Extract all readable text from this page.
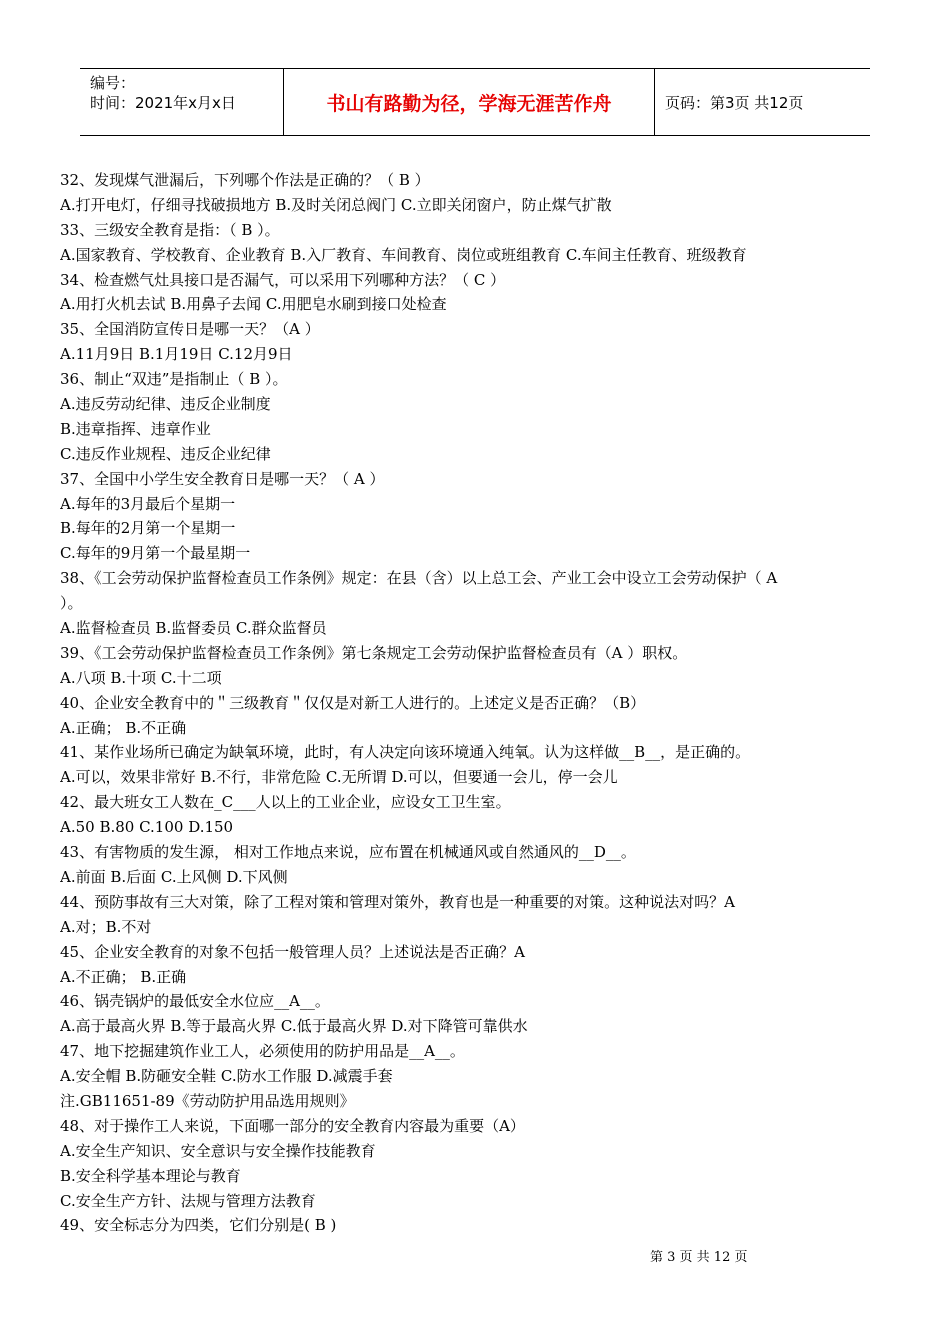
编号：
时间：2021年x月x日	书山有路勤为径，学海无涯苦作舟	页码：第3页 共12页
32、发现煤气泄漏后，下列哪个作法是正确的？（ B ）
A.打开电灯，仔细寻找破损地方 B.及时关闭总阀门 C.立即关闭窗户，防止煤气扩散
33、三级安全教育是指：（ B ）。
A.国家教育、学校教育、企业教育 B.入厂教育、车间教育、岗位或班组教育 C.车间主任教育、班级教育
34、检查燃气灶具接口是否漏气，可以采用下列哪种方法？（ C ）
A.用打火机去试 B.用鼻子去闻 C.用肥皂水刷到接口处检查
35、全国消防宣传日是哪一天？（A ）
A.11月9日 B.1月19日 C.12月9日
36、制止“双违”是指制止（ B ）。
A.违反劳动纪律、违反企业制度
B.违章指挥、违章作业
C.违反作业规程、违反企业纪律
37、全国中小学生安全教育日是哪一天？（ A ）
A.每年的3月最后个星期一
B.每年的2月第一个星期一
C.每年的9月第一个最星期一
38、《工会劳动保护监督检查员工作条例》规定：在县（含）以上总工会、产业工会中设立工会劳动保护（ A
）。
A.监督检查员 B.监督委员 C.群众监督员
39、《工会劳动保护监督检查员工作条例》第七条规定工会劳动保护监督检查员有（A ）职权。
A.八项 B.十项 C.十二项
40、企业安全教育中的＂三级教育＂仅仅是对新工人进行的。上述定义是否正确？（B）
A.正确； B.不正确
41、某作业场所已确定为缺氧环境，此时，有人决定向该环境通入纯氧。认为这样做__B__，是正确的。
A.可以，效果非常好 B.不行，非常危险 C.无所谓 D.可以，但要通一会儿，停一会儿
42、最大班女工人数在_C___人以上的工业企业，应设女工卫生室。
A.50 B.80 C.100 D.150
43、有害物质的发生源， 相对工作地点来说，应布置在机械通风或自然通风的__D__。
A.前面 B.后面 C.上风侧 D.下风侧
44、预防事故有三大对策，除了工程对策和管理对策外，教育也是一种重要的对策。这种说法对吗？A
A.对；B.不对
45、企业安全教育的对象不包括一般管理人员？上述说法是否正确？A
A.不正确； B.正确
46、锅壳锅炉的最低安全水位应__A__。
A.高于最高火界 B.等于最高火界 C.低于最高火界 D.对下降管可靠供水
47、地下挖掘建筑作业工人，必须使用的防护用品是__A__。
A.安全帽 B.防砸安全鞋 C.防水工作服 D.减震手套
注.GB11651-89《劳动防护用品选用规则》
48、对于操作工人来说，下面哪一部分的安全教育内容最为重要（A）
A.安全生产知识、安全意识与安全操作技能教育
B.安全科学基本理论与教育
C.安全生产方针、法规与管理方法教育
49、安全标志分为四类，它们分别是( B )
第 3 页 共 12 页
